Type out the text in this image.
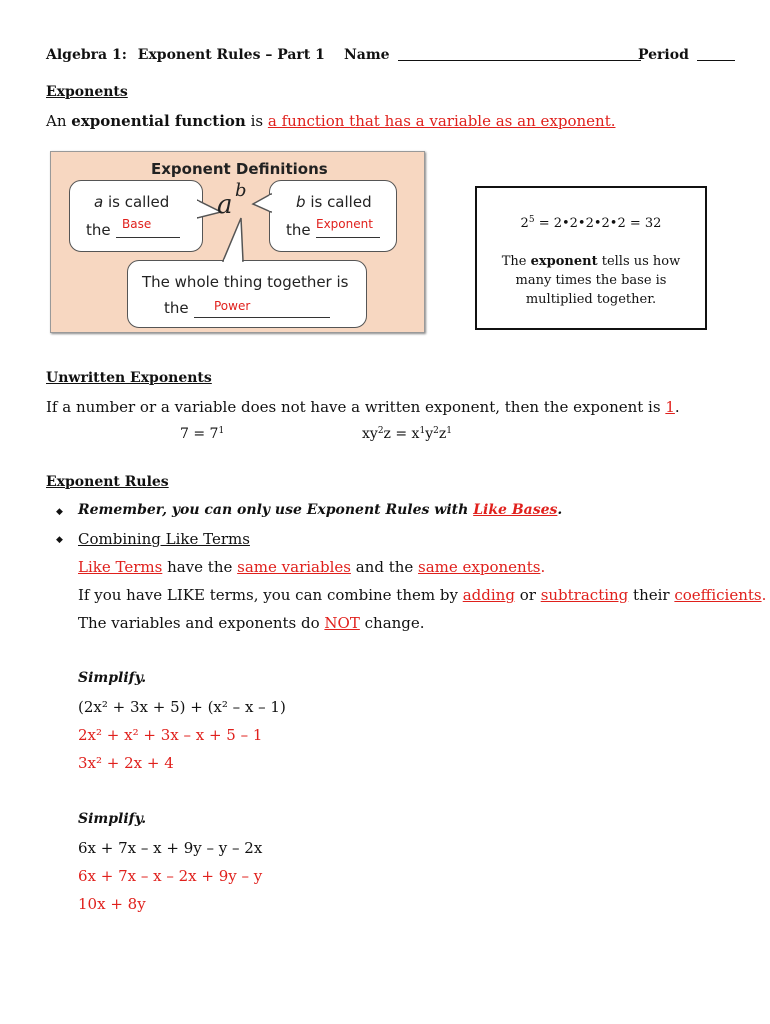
Algebra 1: Exponent Rules – Part 1 Name	Period
Exponents
An exponential function is a function that has a variable as an exponent.
Exponent Definitions
a is called
the Base
a b
b is called
the Exponent
The whole thing together is
the Power
$2^5$ = 2•2•2•2•2 = 32
The exponent tells us how
many times the base is
multiplied together.
Unwritten Exponents
If a number or a variable does not have a written exponent, then the exponent is 1.
$7 = 7^1$	$xy^2z = x^1y^2z^1$
Exponent Rules
◆ Remember, you can only use Exponent Rules with Like Bases.
◆ Combining Like Terms
Like Terms have the same variables and the same exponents.
If you have LIKE terms, you can combine them by adding or subtracting their coefficients.
The variables and exponents do NOT change.
Simplify.
(2x² + 3x + 5) + (x² – x – 1)
2x² + x² + 3x – x + 5 – 1
3x² + 2x + 4
Simplify.
6x + 7x – x + 9y – y – 2x
6x + 7x – x – 2x + 9y – y
10x + 8y
